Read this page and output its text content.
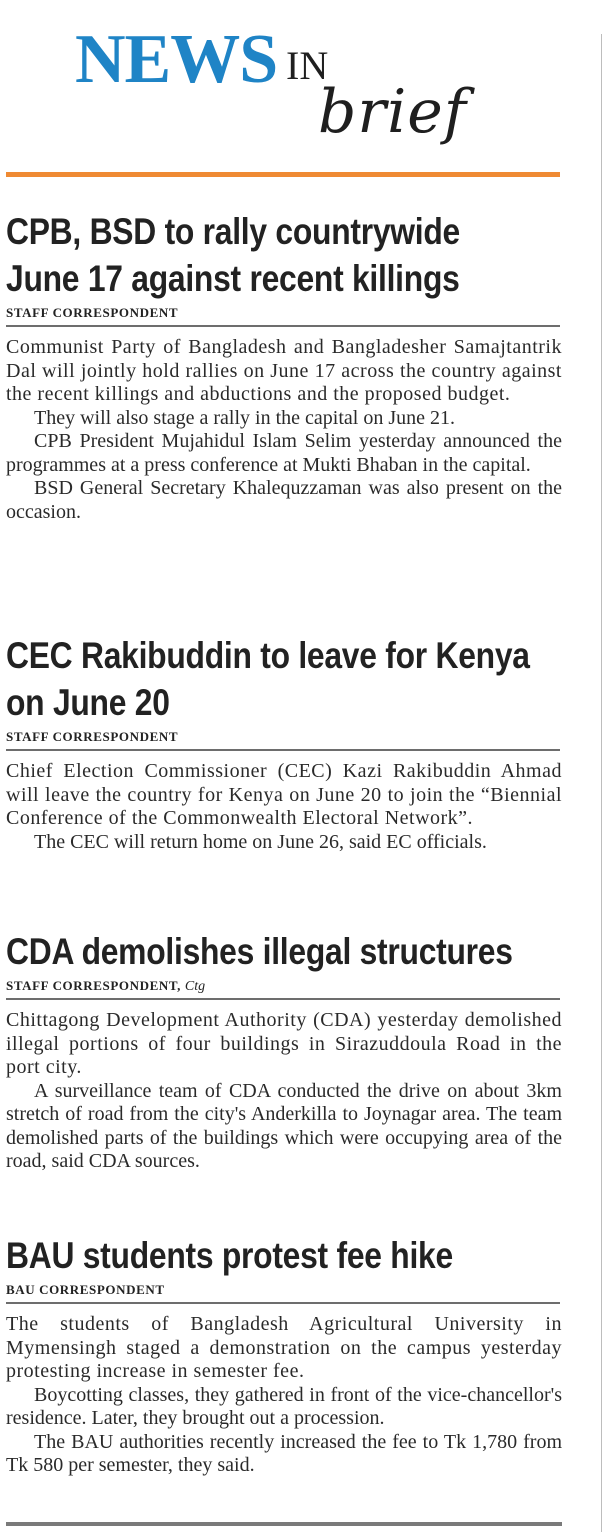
NEWS IN
brief
CPB, BSD to rally countrywide
June 17 against recent killings
STAFF CORRESPONDENT

Communist Party of Bangladesh and Bangladesher Samajtantrik Dal will jointly hold rallies on June 17 across the country against the recent killings and abductions and the proposed budget.

They will also stage a rally in the capital on June 21.

CPB President Mujahidul Islam Selim yesterday announced the programmes at a press conference at Mukti Bhaban in the capital.

BSD General Secretary Khalequzzaman was also present on the occasion.

CEC Rakibuddin to leave for Kenya
on June 20
STAFF CORRESPONDENT

Chief Election Commissioner (CEC) Kazi Rakibuddin Ahmad will leave the country for Kenya on June 20 to join the “Biennial Conference of the Commonwealth Electoral Network”.

The CEC will return home on June 26, said EC officials.

CDA demolishes illegal structures
STAFF CORRESPONDENT, Ctg

Chittagong Development Authority (CDA) yesterday demolished illegal portions of four buildings in Sirazuddoula Road in the port city.

A surveillance team of CDA conducted the drive on about 3km stretch of road from the city's Anderkilla to Joynagar area. The team demolished parts of the buildings which were occupying area of the road, said CDA sources.

BAU students protest fee hike
BAU CORRESPONDENT

The students of Bangladesh Agricultural University in Mymensingh staged a demonstration on the campus yesterday protesting increase in semester fee.

Boycotting classes, they gathered in front of the vice-chancellor's residence. Later, they brought out a procession.

The BAU authorities recently increased the fee to Tk 1,780 from Tk 580 per semester, they said.
